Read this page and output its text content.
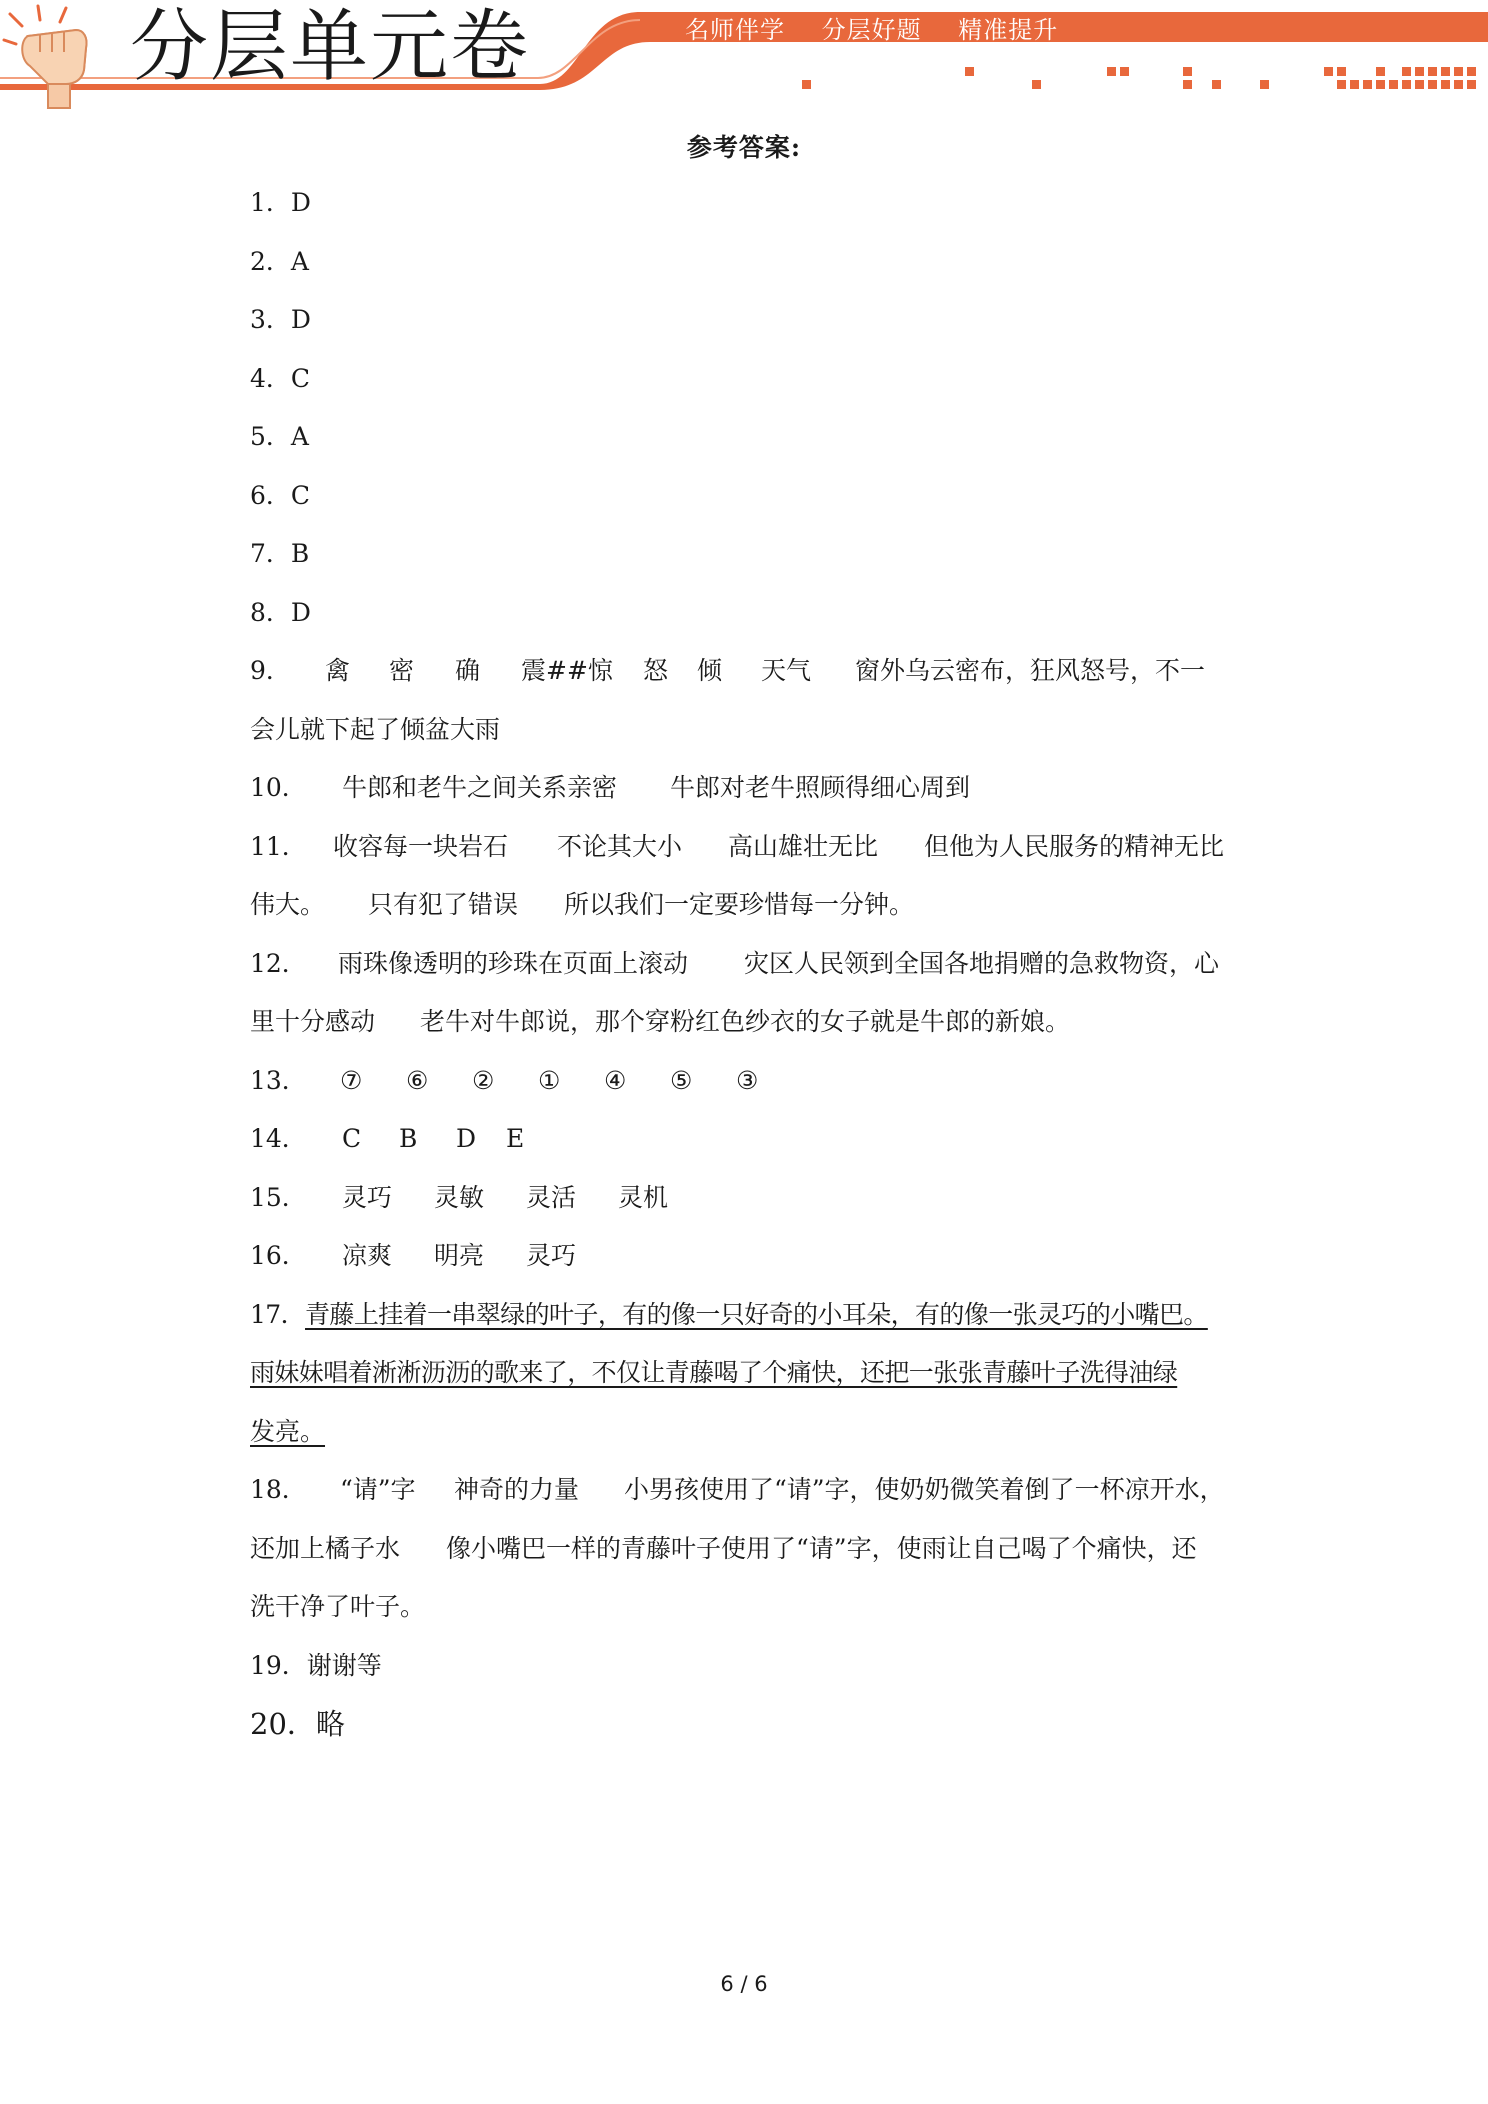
分层单元卷	名师伴学 分层好题 精准提升
参考答案:
1．D
2．A
3．D
4．C
5．A
6．C
7．B
8．D
9． 禽 密 确 震##惊 怒 倾 天气 窗外乌云密布，狂风怒号，不一
会儿就下起了倾盆大雨
10． 牛郎和老牛之间关系亲密 牛郎对老牛照顾得细心周到
11． 收容每一块岩石 不论其大小 高山雄壮无比 但他为人民服务的精神无比
伟大。 只有犯了错误 所以我们一定要珍惜每一分钟。
12． 雨珠像透明的珍珠在页面上滚动 灾区人民领到全国各地捐赠的急救物资，心
里十分感动 老牛对牛郎说，那个穿粉红色纱衣的女子就是牛郎的新娘。
13． ⑦ ⑥ ② ① ④ ⑤ ③
14． C B D E
15． 灵巧 灵敏 灵活 灵机
16． 凉爽 明亮 灵巧
17．青藤上挂着一串翠绿的叶子，有的像一只好奇的小耳朵，有的像一张灵巧的小嘴巴。
雨妹妹唱着淅淅沥沥的歌来了，不仅让青藤喝了个痛快，还把一张张青藤叶子洗得油绿
发亮。
18． “请”字 神奇的力量 小男孩使用了“请”字，使奶奶微笑着倒了一杯凉开水，
还加上橘子水 像小嘴巴一样的青藤叶子使用了“请”字，使雨让自己喝了个痛快，还
洗干净了叶子。
19．谢谢等
20．略
6 / 6
